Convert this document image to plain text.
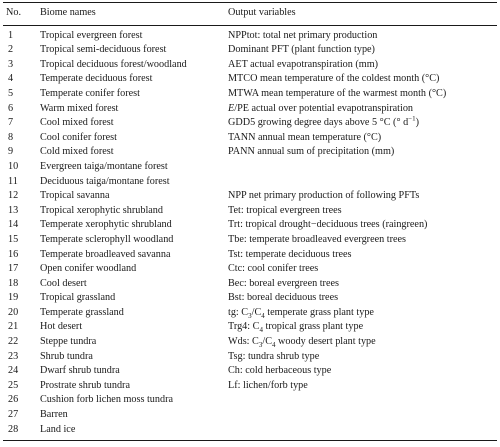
No.	Biome names	Output variables
1	Tropical evergreen forest	NPPtot: total net primary production
2	Tropical semi-deciduous forest	Dominant PFT (plant function type)
3	Tropical deciduous forest/woodland	AET actual evapotranspiration (mm)
4	Temperate deciduous forest	MTCO mean temperature of the coldest month (°C)
5	Temperate conifer forest	MTWA mean temperature of the warmest month (°C)
6	Warm mixed forest	E/PE actual over potential evapotranspiration
7	Cool mixed forest	GDD5 growing degree days above 5 °C (° $d^{-1}$)
8	Cool conifer forest	TANN annual mean temperature (°C)
9	Cold mixed forest	PANN annual sum of precipitation (mm)
10	Evergreen taiga/montane forest	
11	Deciduous taiga/montane forest	
12	Tropical savanna	NPP net primary production of following PFTs
13	Tropical xerophytic shrubland	Tet: tropical evergreen trees
14	Temperate xerophytic shrubland	Trt: tropical drought−deciduous trees (raingreen)
15	Temperate sclerophyll woodland	Tbe: temperate broadleaved evergreen trees
16	Temperate broadleaved savanna	Tst: temperate deciduous trees
17	Open conifer woodland	Ctc: cool conifer trees
18	Cool desert	Bec: boreal evergreen trees
19	Tropical grassland	Bst: boreal deciduous trees
20	Temperate grassland	tg: $C_3/C_4$ temperate grass plant type
21	Hot desert	Trg4: $C_4$ tropical grass plant type
22	Steppe tundra	Wds: $C_3/C_4$ woody desert plant type
23	Shrub tundra	Tsg: tundra shrub type
24	Dwarf shrub tundra	Ch: cold herbaceous type
25	Prostrate shrub tundra	Lf: lichen/forb type
26	Cushion forb lichen moss tundra	
27	Barren	
28	Land ice	
